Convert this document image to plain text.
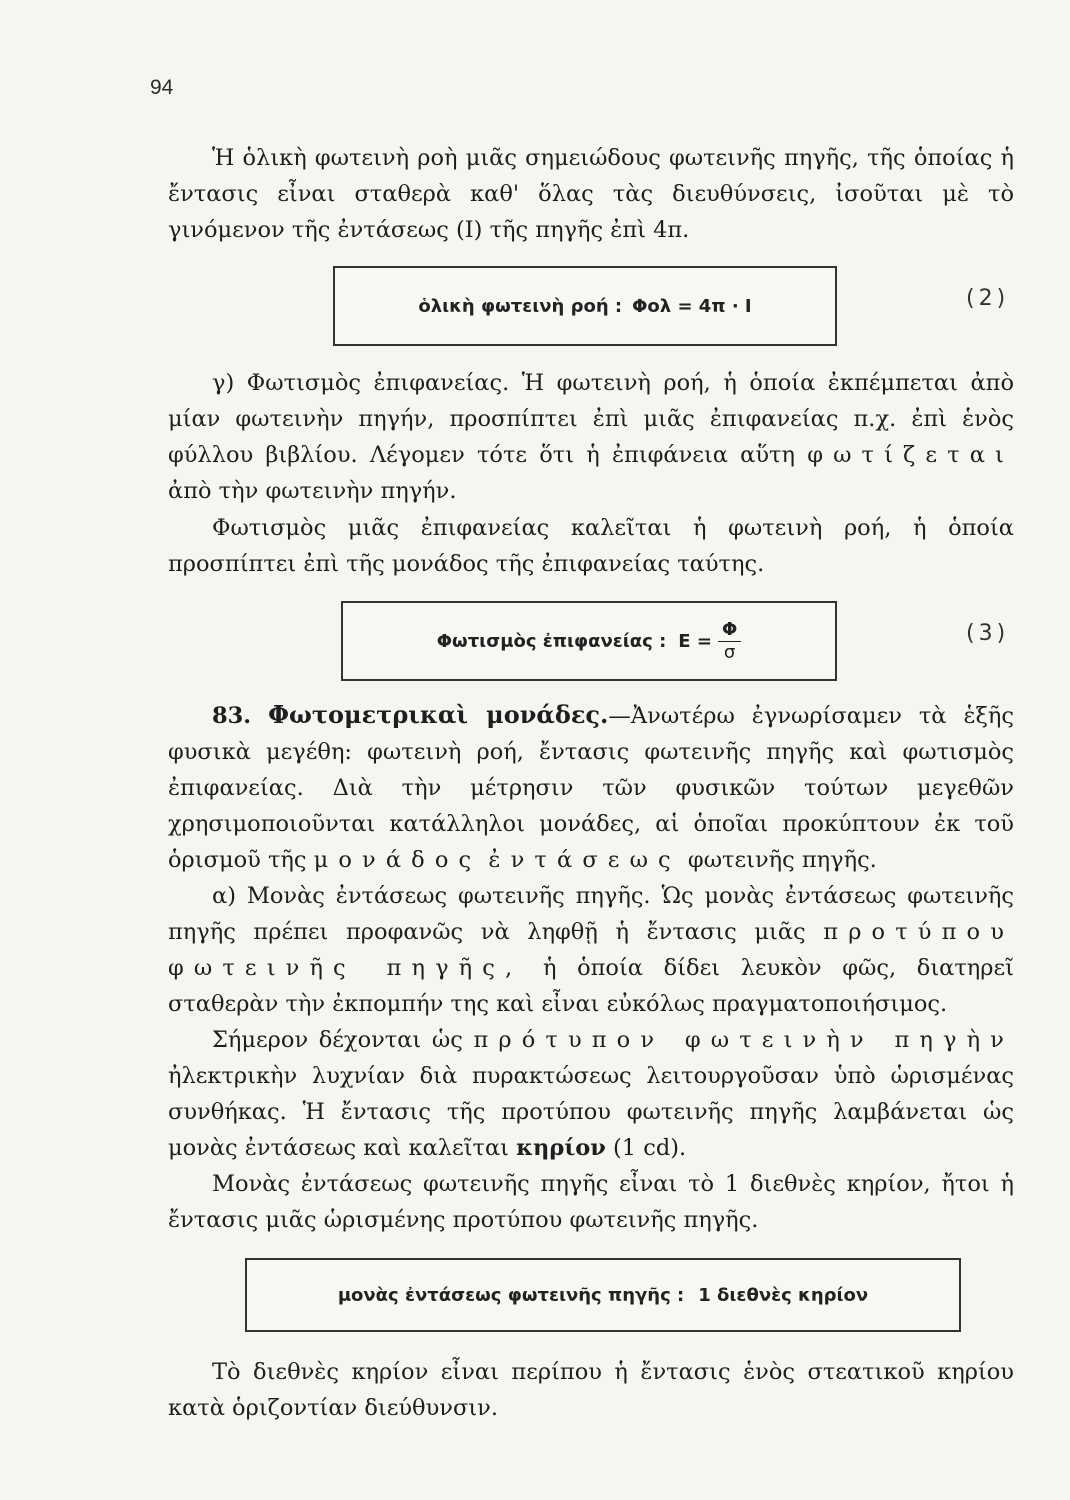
94

Ἡ ὁλικὴ φωτεινὴ ροὴ μιᾶς σημειώδους φωτεινῆς πηγῆς, τῆς ὁποίας ἡ ἔντασις εἶναι σταθερὰ καθ' ὅλας τὰς διευθύνσεις, ἰσοῦται μὲ τὸ γινόμενον τῆς ἐντάσεως (Ι) τῆς πηγῆς ἐπὶ 4π.

ὁλικὴ φωτεινὴ ροή : Φολ = 4π · Ι	(2)

γ) Φωτισμὸς ἐπιφανείας. Ἡ φωτεινὴ ροή, ἡ ὁποία ἐκπέμπεται ἀπὸ μίαν φωτεινὴν πηγήν, προσπίπτει ἐπὶ μιᾶς ἐπιφανείας π.χ. ἐπὶ ἑνὸς φύλλου βιβλίου. Λέγομεν τότε ὅτι ἡ ἐπιφάνεια αὕτη φωτίζεται ἀπὸ τὴν φωτεινὴν πηγήν.

Φωτισμὸς μιᾶς ἐπιφανείας καλεῖται ἡ φωτεινὴ ροή, ἡ ὁποία προσπίπτει ἐπὶ τῆς μονάδος τῆς ἐπιφανείας ταύτης.

Φωτισμὸς ἐπιφανείας : $E = \frac{\Phi}{\sigma}$	(3)

83. Φωτομετρικαὶ μονάδες.—Ἀνωτέρω ἐγνωρίσαμεν τὰ ἑξῆς φυσικὰ μεγέθη: φωτεινὴ ροή, ἔντασις φωτεινῆς πηγῆς καὶ φωτισμὸς ἐπιφανείας. Διὰ τὴν μέτρησιν τῶν φυσικῶν τούτων μεγεθῶν χρησιμοποιοῦνται κατάλληλοι μονάδες, αἱ ὁποῖαι προκύπτουν ἐκ τοῦ ὁρισμοῦ τῆς μονάδος ἐντάσεως φωτεινῆς πηγῆς.

α) Μονὰς ἐντάσεως φωτεινῆς πηγῆς. Ὡς μονὰς ἐντάσεως φωτεινῆς πηγῆς πρέπει προφανῶς νὰ ληφθῇ ἡ ἔντασις μιᾶς προτύπου φωτεινῆς πηγῆς, ἡ ὁποία δίδει λευκὸν φῶς, διατηρεῖ σταθερὰν τὴν ἐκπομπήν της καὶ εἶναι εὐκόλως πραγματοποιήσιμος.

Σήμερον δέχονται ὡς πρότυπον φωτεινὴν πηγὴν ἠλεκτρικὴν λυχνίαν διὰ πυρακτώσεως λειτουργοῦσαν ὑπὸ ὡρισμένας συνθήκας. Ἡ ἔντασις τῆς προτύπου φωτεινῆς πηγῆς λαμβάνεται ὡς μονὰς ἐντάσεως καὶ καλεῖται κηρίον (1 cd).

Μονὰς ἐντάσεως φωτεινῆς πηγῆς εἶναι τὸ 1 διεθνὲς κηρίον, ἤτοι ἡ ἔντασις μιᾶς ὡρισμένης προτύπου φωτεινῆς πηγῆς.

μονὰς ἐντάσεως φωτεινῆς πηγῆς : 1 διεθνὲς κηρίον

Τὸ διεθνὲς κηρίον εἶναι περίπου ἡ ἔντασις ἑνὸς στεατικοῦ κηρίου κατὰ ὁριζοντίαν διεύθυνσιν.
